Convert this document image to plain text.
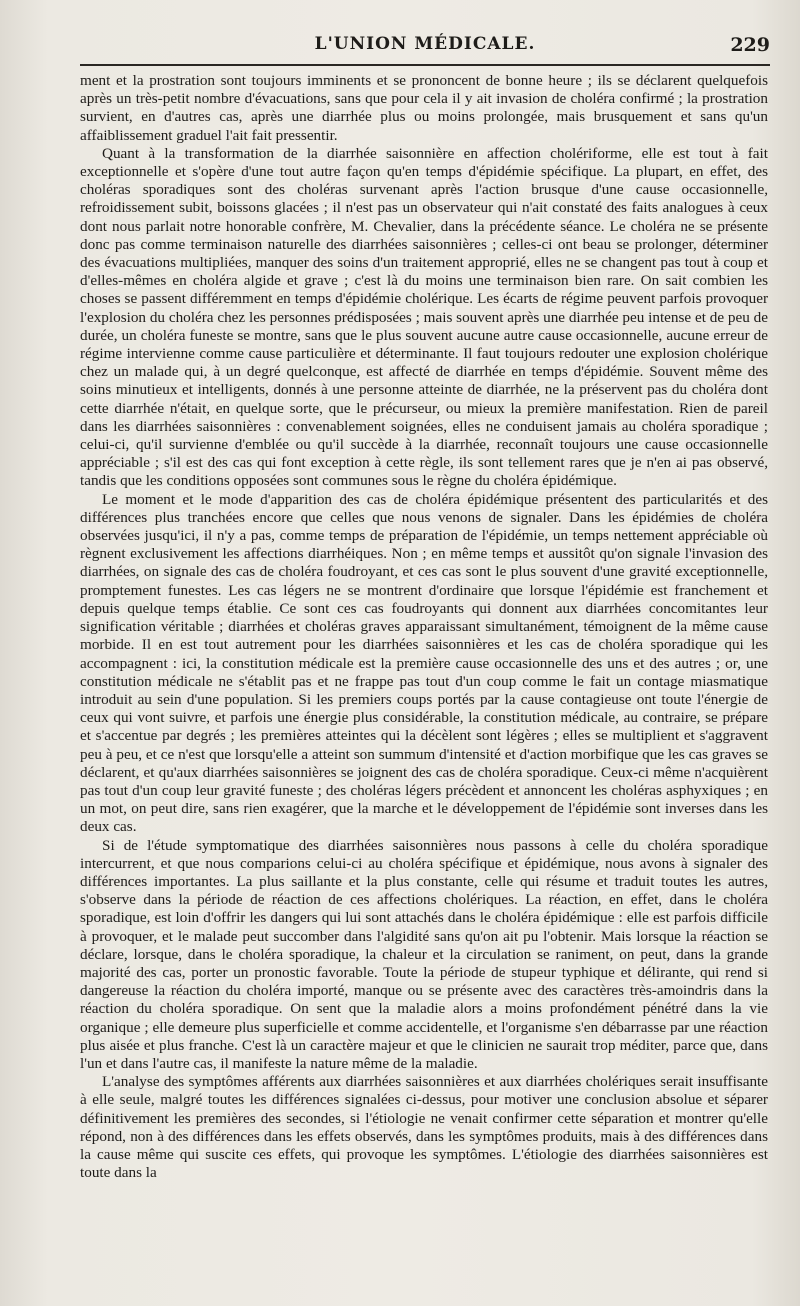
L'UNION MÉDICALE.	229

ment et la prostration sont toujours imminents et se prononcent de bonne heure ; ils se déclarent quelquefois après un très-petit nombre d'évacuations, sans que pour cela il y ait invasion de choléra confirmé ; la prostration survient, en d'autres cas, après une diarrhée plus ou moins prolongée, mais brusquement et sans qu'un affaiblissement graduel l'ait fait pressentir.

Quant à la transformation de la diarrhée saisonnière en affection cholériforme, elle est tout à fait exceptionnelle et s'opère d'une tout autre façon qu'en temps d'épidémie spécifique. La plupart, en effet, des choléras sporadiques sont des choléras survenant après l'action brusque d'une cause occasionnelle, refroidissement subit, boissons glacées ; il n'est pas un observateur qui n'ait constaté des faits analogues à ceux dont nous parlait notre honorable confrère, M. Chevalier, dans la précédente séance. Le choléra ne se présente donc pas comme terminaison naturelle des diarrhées saisonnières ; celles-ci ont beau se prolonger, déterminer des évacuations multipliées, manquer des soins d'un traitement approprié, elles ne se changent pas tout à coup et d'elles-mêmes en choléra algide et grave ; c'est là du moins une terminaison bien rare. On sait combien les choses se passent différemment en temps d'épidémie cholérique. Les écarts de régime peuvent parfois provoquer l'explosion du choléra chez les personnes prédisposées ; mais souvent après une diarrhée peu intense et de peu de durée, un choléra funeste se montre, sans que le plus souvent aucune autre cause occasionnelle, aucune erreur de régime intervienne comme cause particulière et déterminante. Il faut toujours redouter une explosion cholérique chez un malade qui, à un degré quelconque, est affecté de diarrhée en temps d'épidémie. Souvent même des soins minutieux et intelligents, donnés à une personne atteinte de diarrhée, ne la préservent pas du choléra dont cette diarrhée n'était, en quelque sorte, que le précurseur, ou mieux la première manifestation. Rien de pareil dans les diarrhées saisonnières : convenablement soignées, elles ne conduisent jamais au choléra sporadique ; celui-ci, qu'il survienne d'emblée ou qu'il succède à la diarrhée, reconnaît toujours une cause occasionnelle appréciable ; s'il est des cas qui font exception à cette règle, ils sont tellement rares que je n'en ai pas observé, tandis que les conditions opposées sont communes sous le règne du choléra épidémique.

Le moment et le mode d'apparition des cas de choléra épidémique présentent des particularités et des différences plus tranchées encore que celles que nous venons de signaler. Dans les épidémies de choléra observées jusqu'ici, il n'y a pas, comme temps de préparation de l'épidémie, un temps nettement appréciable où règnent exclusivement les affections diarrhéiques. Non ; en même temps et aussitôt qu'on signale l'invasion des diarrhées, on signale des cas de choléra foudroyant, et ces cas sont le plus souvent d'une gravité exceptionnelle, promptement funestes. Les cas légers ne se montrent d'ordinaire que lorsque l'épidémie est franchement et depuis quelque temps établie. Ce sont ces cas foudroyants qui donnent aux diarrhées concomitantes leur signification véritable ; diarrhées et choléras graves apparaissant simultanément, témoignent de la même cause morbide. Il en est tout autrement pour les diarrhées saisonnières et les cas de choléra sporadique qui les accompagnent : ici, la constitution médicale est la première cause occasionnelle des uns et des autres ; or, une constitution médicale ne s'établit pas et ne frappe pas tout d'un coup comme le fait un contage miasmatique introduit au sein d'une population. Si les premiers coups portés par la cause contagieuse ont toute l'énergie de ceux qui vont suivre, et parfois une énergie plus considérable, la constitution médicale, au contraire, se prépare et s'accentue par degrés ; les premières atteintes qui la décèlent sont légères ; elles se multiplient et s'aggravent peu à peu, et ce n'est que lorsqu'elle a atteint son summum d'intensité et d'action morbifique que les cas graves se déclarent, et qu'aux diarrhées saisonnières se joignent des cas de choléra sporadique. Ceux-ci même n'acquièrent pas tout d'un coup leur gravité funeste ; des choléras légers précèdent et annoncent les choléras asphyxiques ; en un mot, on peut dire, sans rien exagérer, que la marche et le développement de l'épidémie sont inverses dans les deux cas.

Si de l'étude symptomatique des diarrhées saisonnières nous passons à celle du choléra sporadique intercurrent, et que nous comparions celui-ci au choléra spécifique et épidémique, nous avons à signaler des différences importantes. La plus saillante et la plus constante, celle qui résume et traduit toutes les autres, s'observe dans la période de réaction de ces affections cholériques. La réaction, en effet, dans le choléra sporadique, est loin d'offrir les dangers qui lui sont attachés dans le choléra épidémique : elle est parfois difficile à provoquer, et le malade peut succomber dans l'algidité sans qu'on ait pu l'obtenir. Mais lorsque la réaction se déclare, lorsque, dans le choléra sporadique, la chaleur et la circulation se raniment, on peut, dans la grande majorité des cas, porter un pronostic favorable. Toute la période de stupeur typhique et délirante, qui rend si dangereuse la réaction du choléra importé, manque ou se présente avec des caractères très-amoindris dans la réaction du choléra sporadique. On sent que la maladie alors a moins profondément pénétré dans la vie organique ; elle demeure plus superficielle et comme accidentelle, et l'organisme s'en débarrasse par une réaction plus aisée et plus franche. C'est là un caractère majeur et que le clinicien ne saurait trop méditer, parce que, dans l'un et dans l'autre cas, il manifeste la nature même de la maladie.

L'analyse des symptômes afférents aux diarrhées saisonnières et aux diarrhées cholériques serait insuffisante à elle seule, malgré toutes les différences signalées ci-dessus, pour motiver une conclusion absolue et séparer définitivement les premières des secondes, si l'étiologie ne venait confirmer cette séparation et montrer qu'elle répond, non à des différences dans les effets observés, dans les symptômes produits, mais à des différences dans la cause même qui suscite ces effets, qui provoque les symptômes. L'étiologie des diarrhées saisonnières est toute dans la
